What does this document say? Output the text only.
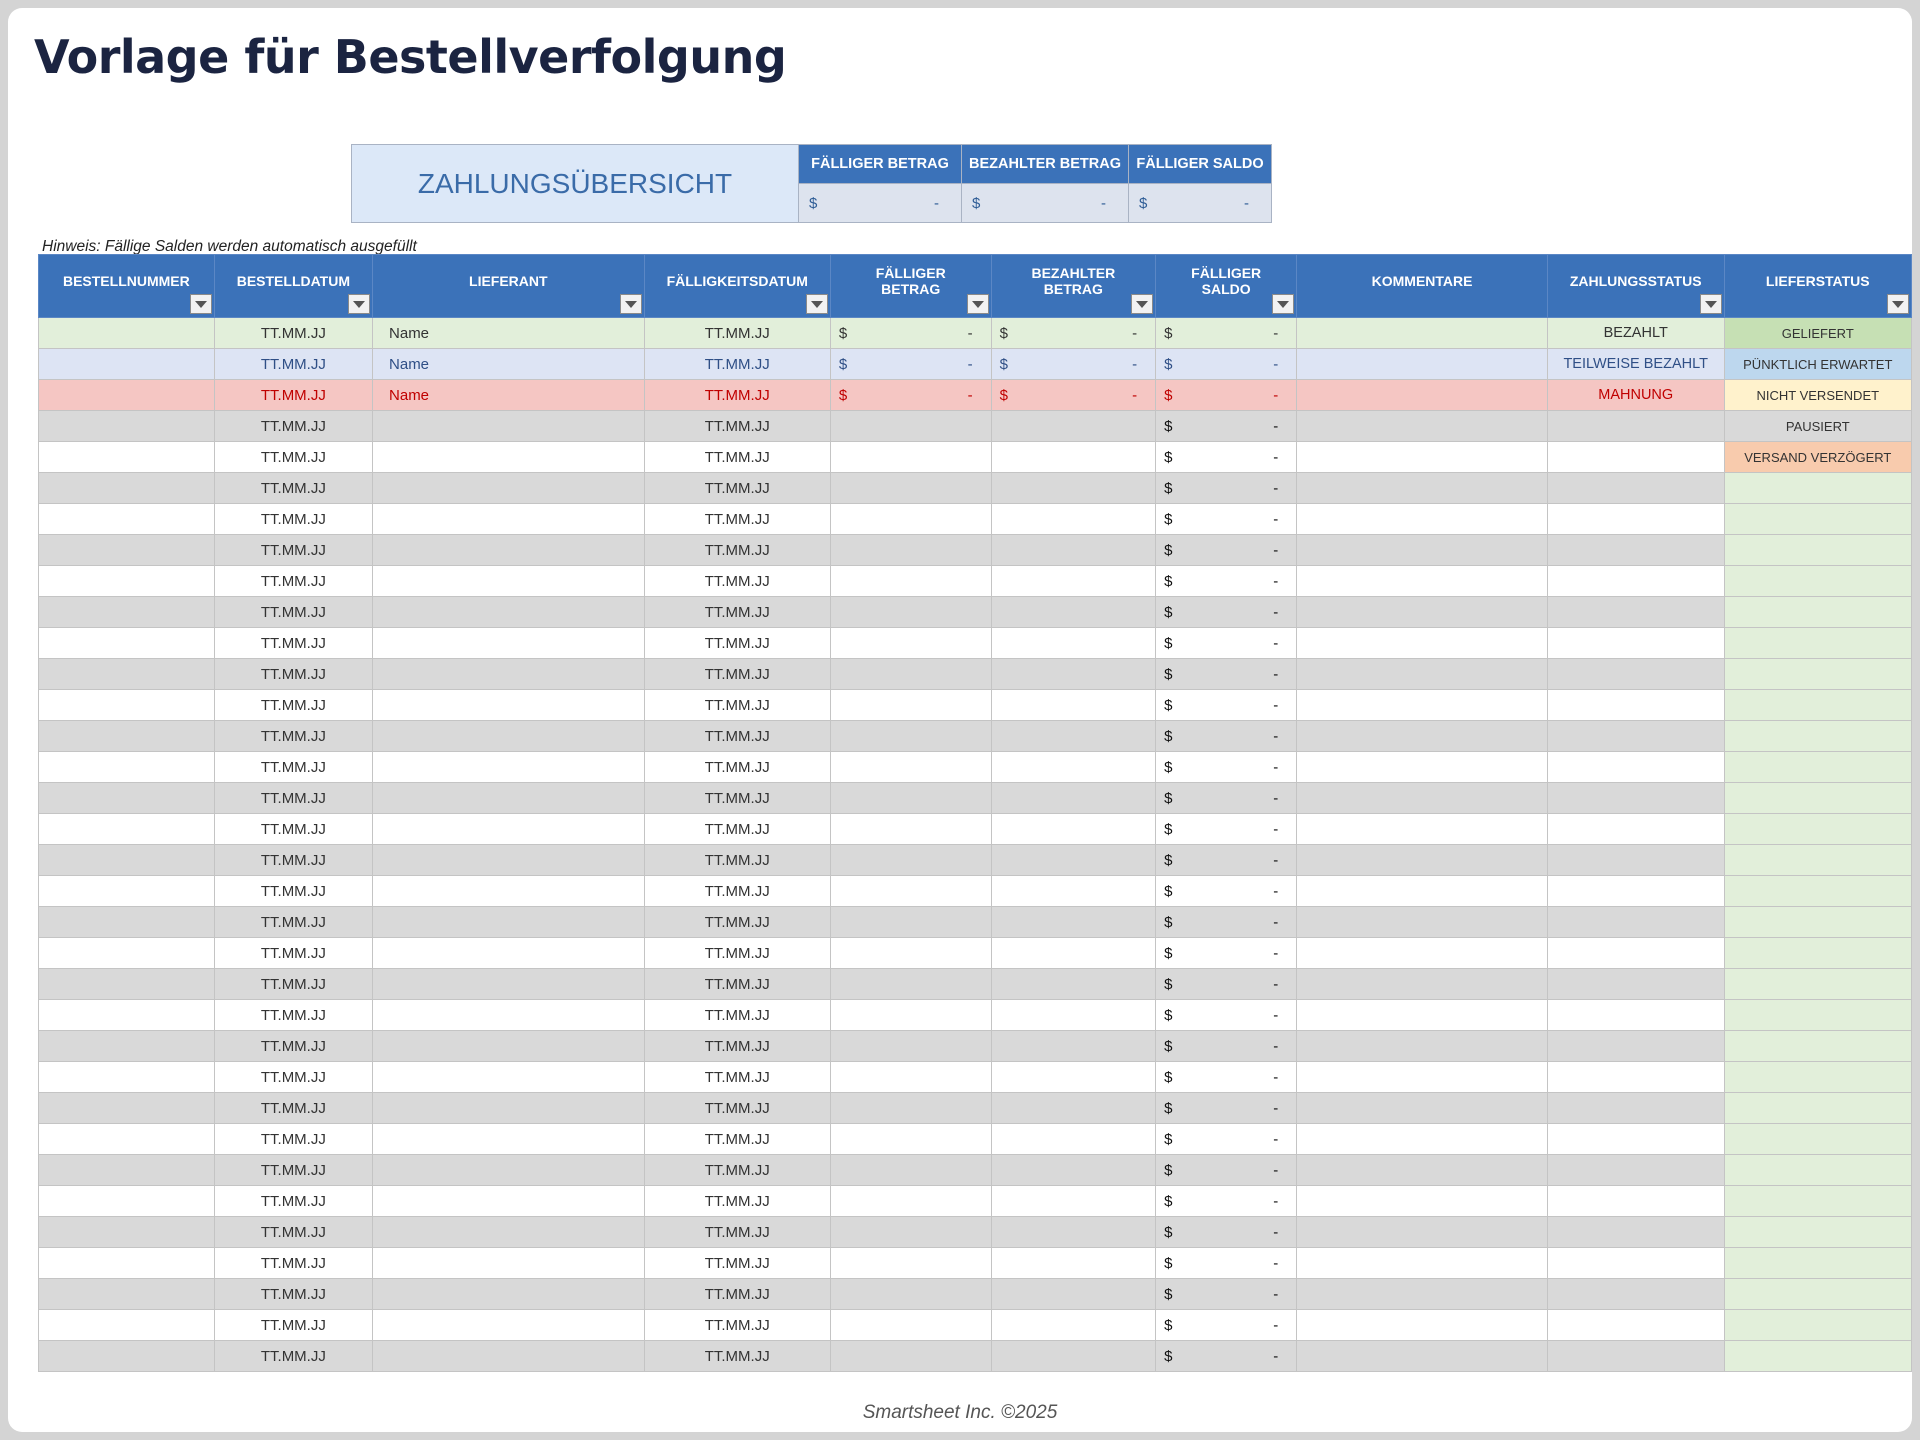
Vorlage für Bestellverfolgung
ZAHLUNGSÜBERSICHT	FÄLLIGER BETRAG	BEZAHLTER BETRAG	FÄLLIGER SALDO

	$ -	$ -	$ -
Hinweis: Fällige Salden werden automatisch ausgefüllt
BESTELLNUMMER	BESTELLDATUM	LIEFERANT	FÄLLIGKEITSDATUM	FÄLLIGER BETRAG	BEZAHLTER BETRAG	FÄLLIGER SALDO	KOMMENTARE	ZAHLUNGSSTATUS	LIEFERSTATUS

	TT.MM.JJ	Name	TT.MM.JJ	$ -	$ -	$ -		BEZAHLT	GELIEFERT
	TT.MM.JJ	Name	TT.MM.JJ	$ -	$ -	$ -		TEILWEISE BEZAHLT	PÜNKTLICH ERWARTET
	TT.MM.JJ	Name	TT.MM.JJ	$ -	$ -	$ -		MAHNUNG	NICHT VERSENDET
	TT.MM.JJ		TT.MM.JJ			$ -			PAUSIERT
	TT.MM.JJ		TT.MM.JJ			$ -			VERSAND VERZÖGERT
	TT.MM.JJ		TT.MM.JJ			$ -			

	TT.MM.JJ		TT.MM.JJ			$ -			

	TT.MM.JJ		TT.MM.JJ			$ -			

	TT.MM.JJ		TT.MM.JJ			$ -			

	TT.MM.JJ		TT.MM.JJ			$ -			

	TT.MM.JJ		TT.MM.JJ			$ -			

	TT.MM.JJ		TT.MM.JJ			$ -			

	TT.MM.JJ		TT.MM.JJ			$ -			

	TT.MM.JJ		TT.MM.JJ			$ -			

	TT.MM.JJ		TT.MM.JJ			$ -			

	TT.MM.JJ		TT.MM.JJ			$ -			

	TT.MM.JJ		TT.MM.JJ			$ -			

	TT.MM.JJ		TT.MM.JJ			$ -			

	TT.MM.JJ		TT.MM.JJ			$ -			

	TT.MM.JJ		TT.MM.JJ			$ -			

	TT.MM.JJ		TT.MM.JJ			$ -			

	TT.MM.JJ		TT.MM.JJ			$ -			

	TT.MM.JJ		TT.MM.JJ			$ -			

	TT.MM.JJ		TT.MM.JJ			$ -			

	TT.MM.JJ		TT.MM.JJ			$ -			

	TT.MM.JJ		TT.MM.JJ			$ -			

	TT.MM.JJ		TT.MM.JJ			$ -			

	TT.MM.JJ		TT.MM.JJ			$ -			

	TT.MM.JJ		TT.MM.JJ			$ -			

	TT.MM.JJ		TT.MM.JJ			$ -			

	TT.MM.JJ		TT.MM.JJ			$ -			

	TT.MM.JJ		TT.MM.JJ			$ -			

	TT.MM.JJ		TT.MM.JJ			$ -			

	TT.MM.JJ		TT.MM.JJ			$ -			

Smartsheet Inc. ©2025
